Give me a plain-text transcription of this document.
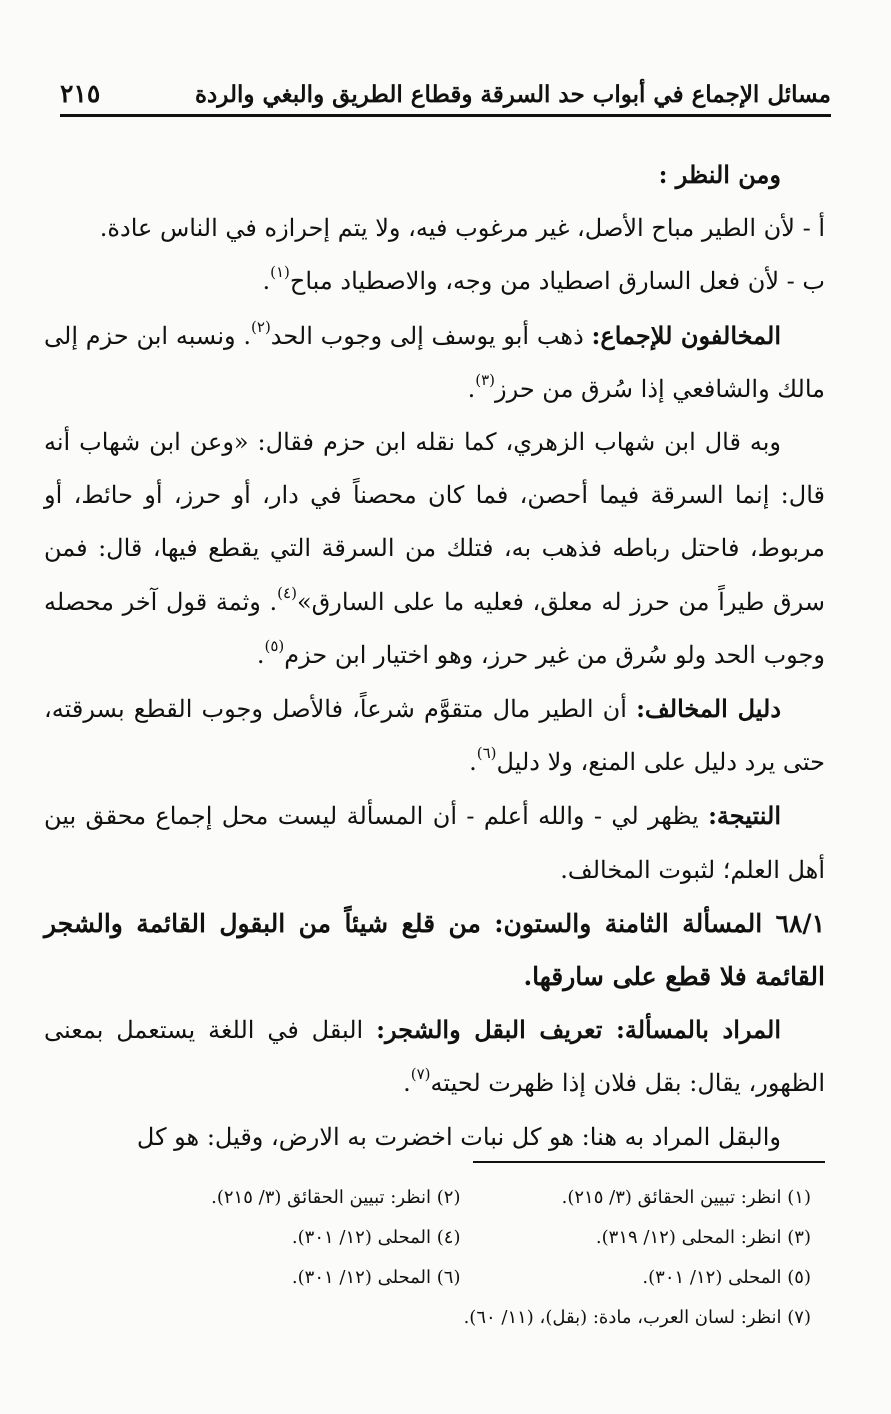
مسائل الإجماع في أبواب حد السرقة وقطاع الطريق والبغي والردة
٢١٥

ومن النظر :

أ - لأن الطير مباح الأصل، غير مرغوب فيه، ولا يتم إحرازه في الناس عادة.

ب - لأن فعل السارق اصطياد من وجه، والاصطياد مباح$^{(١)}$.

المخالفون للإجماع: ذهب أبو يوسف إلى وجوب الحد$^{(٢)}$. ونسبه ابن حزم إلى مالك والشافعي إذا سُرق من حرز$^{(٣)}$.

وبه قال ابن شهاب الزهري، كما نقله ابن حزم فقال: «وعن ابن شهاب أنه قال: إنما السرقة فيما أحصن، فما كان محصناً في دار، أو حرز، أو حائط، أو مربوط، فاحتل رباطه فذهب به، فتلك من السرقة التي يقطع فيها، قال: فمن سرق طيراً من حرز له معلق، فعليه ما على السارق»$^{(٤)}$. وثمة قول آخر محصله وجوب الحد ولو سُرق من غير حرز، وهو اختيار ابن حزم$^{(٥)}$.

دليل المخالف: أن الطير مال متقوَّم شرعاً، فالأصل وجوب القطع بسرقته، حتى يرد دليل على المنع، ولا دليل$^{(٦)}$.

النتيجة: يظهر لي - والله أعلم - أن المسألة ليست محل إجماع محقق بين أهل العلم؛ لثبوت المخالف.

٦٨/١ المسألة الثامنة والستون: من قلع شيئاً من البقول القائمة والشجر القائمة فلا قطع على سارقها.

المراد بالمسألة: تعريف البقل والشجر: البقل في اللغة يستعمل بمعنى الظهور، يقال: بقل فلان إذا ظهرت لحيته$^{(٧)}$.

والبقل المراد به هنا: هو كل نبات اخضرت به الارض، وقيل: هو كل

(١) انظر: تبيين الحقائق (٣/ ٢١٥).
(٢) انظر: تبيين الحقائق (٣/ ٢١٥).
(٣) انظر: المحلى (١٢/ ٣١٩).
(٤) المحلى (١٢/ ٣٠١).
(٥) المحلى (١٢/ ٣٠١).
(٦) المحلى (١٢/ ٣٠١).
(٧) انظر: لسان العرب، مادة: (بقل)، (١١/ ٦٠).
